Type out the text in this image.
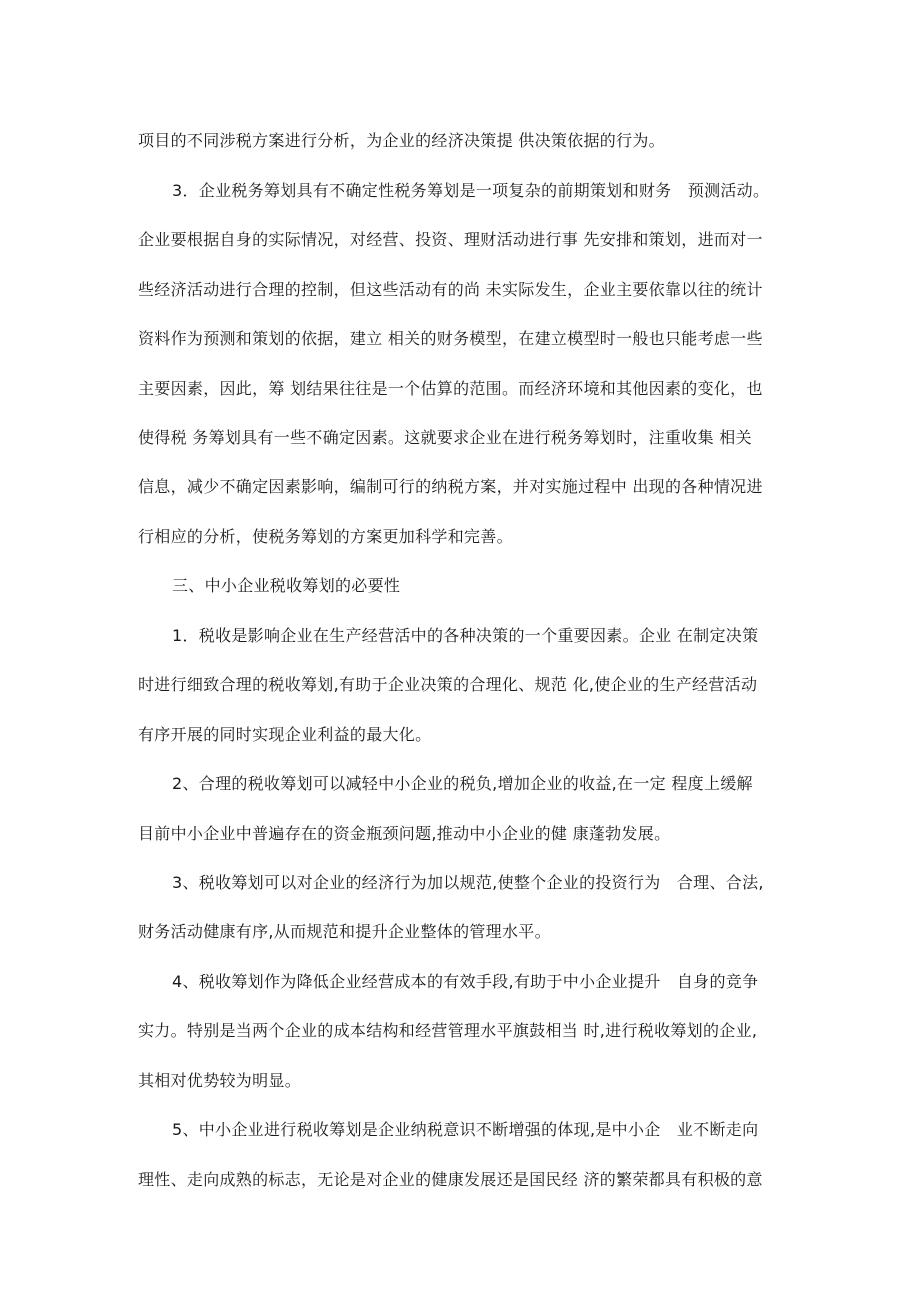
项目的不同涉税方案进行分析，为企业的经济决策提 供决策依据的行为。
3．企业税务筹划具有不确定性税务筹划是一项复杂的前期策划和财务　预测活动。
企业要根据自身的实际情况，对经营、投资、理财活动进行事 先安排和策划，进而对一
些经济活动进行合理的控制，但这些活动有的尚 未实际发生，企业主要依靠以往的统计
资料作为预测和策划的依据，建立 相关的财务模型，在建立模型时一般也只能考虑一些
主要因素，因此，筹 划结果往往是一个估算的范围。而经济环境和其他因素的变化，也
使得税 务筹划具有一些不确定因素。这就要求企业在进行税务筹划时，注重收集 相关
信息，减少不确定因素影响，编制可行的纳税方案，并对实施过程中 出现的各种情况进
行相应的分析，使税务筹划的方案更加科学和完善。
三、中小企业税收筹划的必要性
1．税收是影响企业在生产经营活中的各种决策的一个重要因素。企业 在制定决策
时进行细致合理的税收筹划,有助于企业决策的合理化、规范 化,使企业的生产经营活动
有序开展的同时实现企业利益的最大化。
2、合理的税收筹划可以减轻中小企业的税负,增加企业的收益,在一定 程度上缓解
目前中小企业中普遍存在的资金瓶颈问题,推动中小企业的健 康蓬勃发展。
3、税收筹划可以对企业的经济行为加以规范,使整个企业的投资行为　合理、合法,
财务活动健康有序,从而规范和提升企业整体的管理水平。
4、税收筹划作为降低企业经营成本的有效手段,有助于中小企业提升　自身的竞争
实力。特别是当两个企业的成本结构和经营管理水平旗鼓相当 时,进行税收筹划的企业,
其相对优势较为明显。
5、中小企业进行税收筹划是企业纳税意识不断增强的体现,是中小企　业不断走向
理性、走向成熟的标志，无论是对企业的健康发展还是国民经 济的繁荣都具有积极的意
